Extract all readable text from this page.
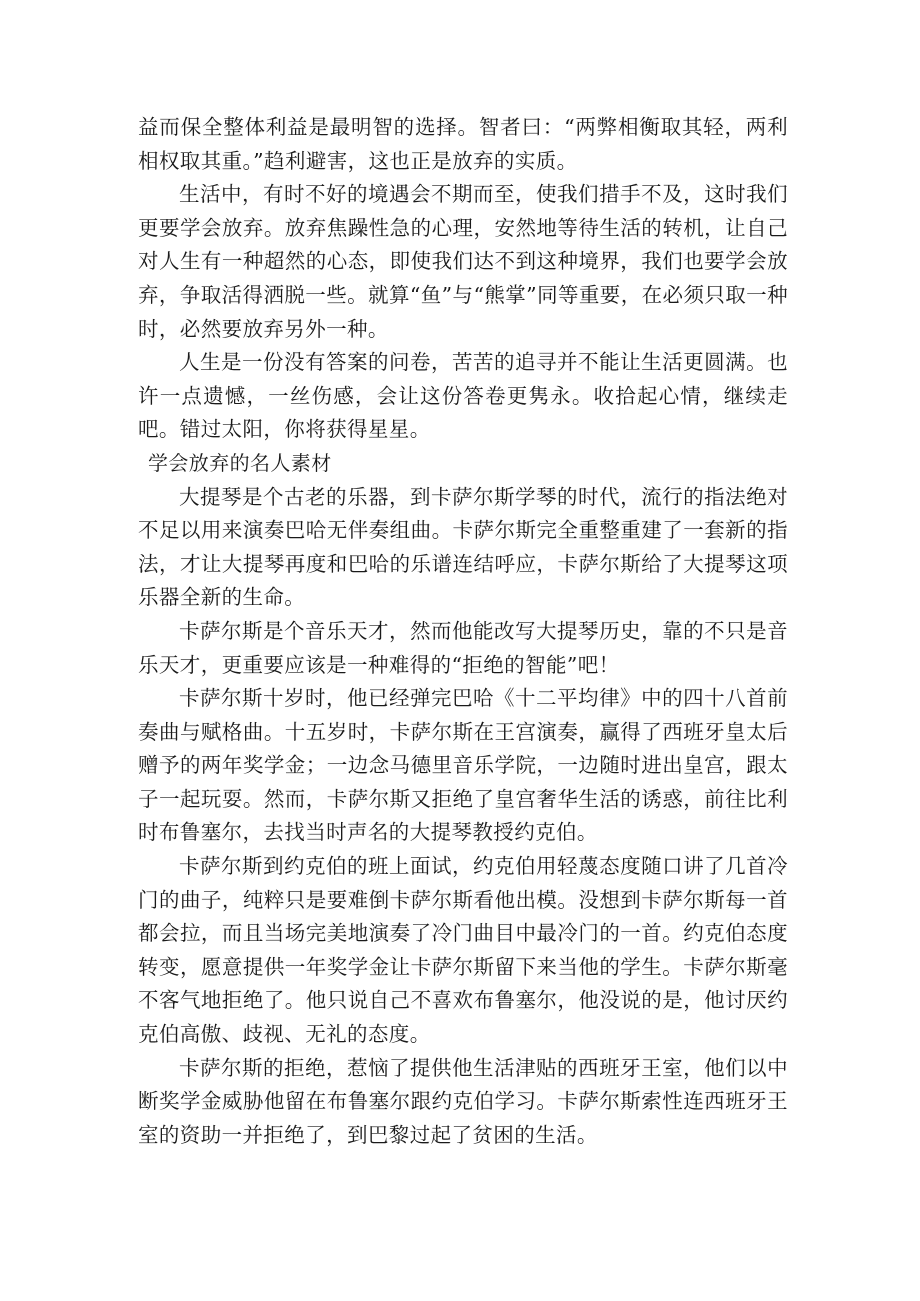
益而保全整体利益是最明智的选择。智者曰：“两弊相衡取其轻，两利相权取其重。”趋利避害，这也正是放弃的实质。

生活中，有时不好的境遇会不期而至，使我们措手不及，这时我们更要学会放弃。放弃焦躁性急的心理，安然地等待生活的转机，让自己对人生有一种超然的心态，即使我们达不到这种境界，我们也要学会放弃，争取活得洒脱一些。就算“鱼”与“熊掌”同等重要，在必须只取一种时，必然要放弃另外一种。

人生是一份没有答案的问卷，苦苦的追寻并不能让生活更圆满。也许一点遗憾，一丝伤感，会让这份答卷更隽永。收拾起心情，继续走吧。错过太阳，你将获得星星。

学会放弃的名人素材

大提琴是个古老的乐器，到卡萨尔斯学琴的时代，流行的指法绝对不足以用来演奏巴哈无伴奏组曲。卡萨尔斯完全重整重建了一套新的指法，才让大提琴再度和巴哈的乐谱连结呼应，卡萨尔斯给了大提琴这项乐器全新的生命。

卡萨尔斯是个音乐天才，然而他能改写大提琴历史，靠的不只是音乐天才，更重要应该是一种难得的“拒绝的智能”吧！

卡萨尔斯十岁时，他已经弹完巴哈《十二平均律》中的四十八首前奏曲与赋格曲。十五岁时，卡萨尔斯在王宫演奏，赢得了西班牙皇太后赠予的两年奖学金；一边念马德里音乐学院，一边随时进出皇宫，跟太子一起玩耍。然而，卡萨尔斯又拒绝了皇宫奢华生活的诱惑，前往比利时布鲁塞尔，去找当时声名的大提琴教授约克伯。

卡萨尔斯到约克伯的班上面试，约克伯用轻蔑态度随口讲了几首冷门的曲子，纯粹只是要难倒卡萨尔斯看他出模。没想到卡萨尔斯每一首都会拉，而且当场完美地演奏了冷门曲目中最冷门的一首。约克伯态度转变，愿意提供一年奖学金让卡萨尔斯留下来当他的学生。卡萨尔斯毫不客气地拒绝了。他只说自己不喜欢布鲁塞尔，他没说的是，他讨厌约克伯高傲、歧视、无礼的态度。

卡萨尔斯的拒绝，惹恼了提供他生活津贴的西班牙王室，他们以中断奖学金威胁他留在布鲁塞尔跟约克伯学习。卡萨尔斯索性连西班牙王室的资助一并拒绝了，到巴黎过起了贫困的生活。
